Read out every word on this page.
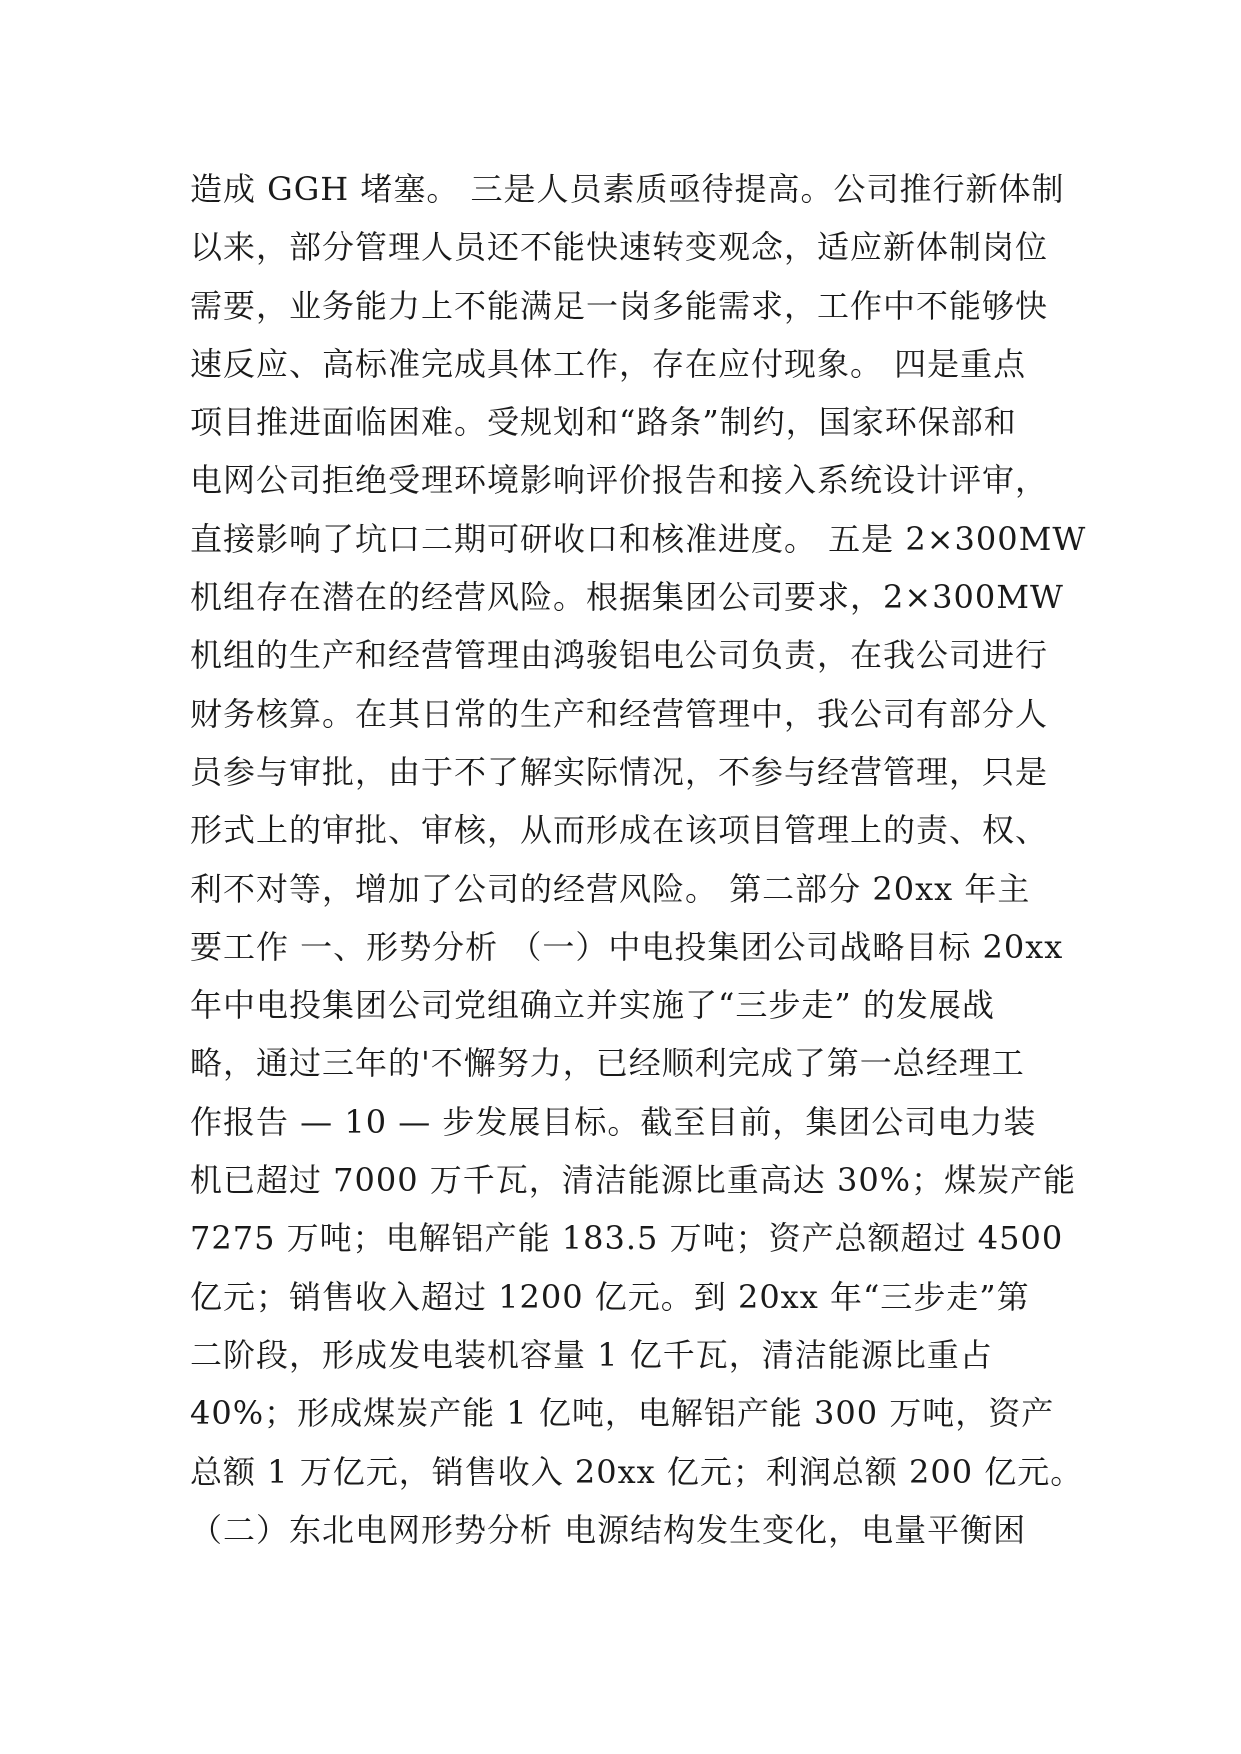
造成 GGH 堵塞。 三是人员素质亟待提高。公司推行新体制
以来，部分管理人员还不能快速转变观念，适应新体制岗位
需要，业务能力上不能满足一岗多能需求，工作中不能够快
速反应、高标准完成具体工作，存在应付现象。 四是重点
项目推进面临困难。受规划和“路条”制约，国家环保部和
电网公司拒绝受理环境影响评价报告和接入系统设计评审，
直接影响了坑口二期可研收口和核准进度。 五是 2×300MW
机组存在潜在的经营风险。根据集团公司要求，2×300MW
机组的生产和经营管理由鸿骏铝电公司负责，在我公司进行
财务核算。在其日常的生产和经营管理中，我公司有部分人
员参与审批，由于不了解实际情况，不参与经营管理，只是
形式上的审批、审核，从而形成在该项目管理上的责、权、
利不对等，增加了公司的经营风险。 第二部分 20xx 年主
要工作 一、形势分析 （一）中电投集团公司战略目标 20xx
年中电投集团公司党组确立并实施了“三步走” 的发展战
略，通过三年的'不懈努力，已经顺利完成了第一总经理工
作报告 — 10 — 步发展目标。截至目前，集团公司电力装
机已超过 7000 万千瓦，清洁能源比重高达 30%；煤炭产能
7275 万吨；电解铝产能 183.5 万吨；资产总额超过 4500
亿元；销售收入超过 1200 亿元。到 20xx 年“三步走”第
二阶段，形成发电装机容量 1 亿千瓦，清洁能源比重占
40%；形成煤炭产能 1 亿吨，电解铝产能 300 万吨，资产
总额 1 万亿元，销售收入 20xx 亿元；利润总额 200 亿元。
（二）东北电网形势分析 电源结构发生变化，电量平衡困
